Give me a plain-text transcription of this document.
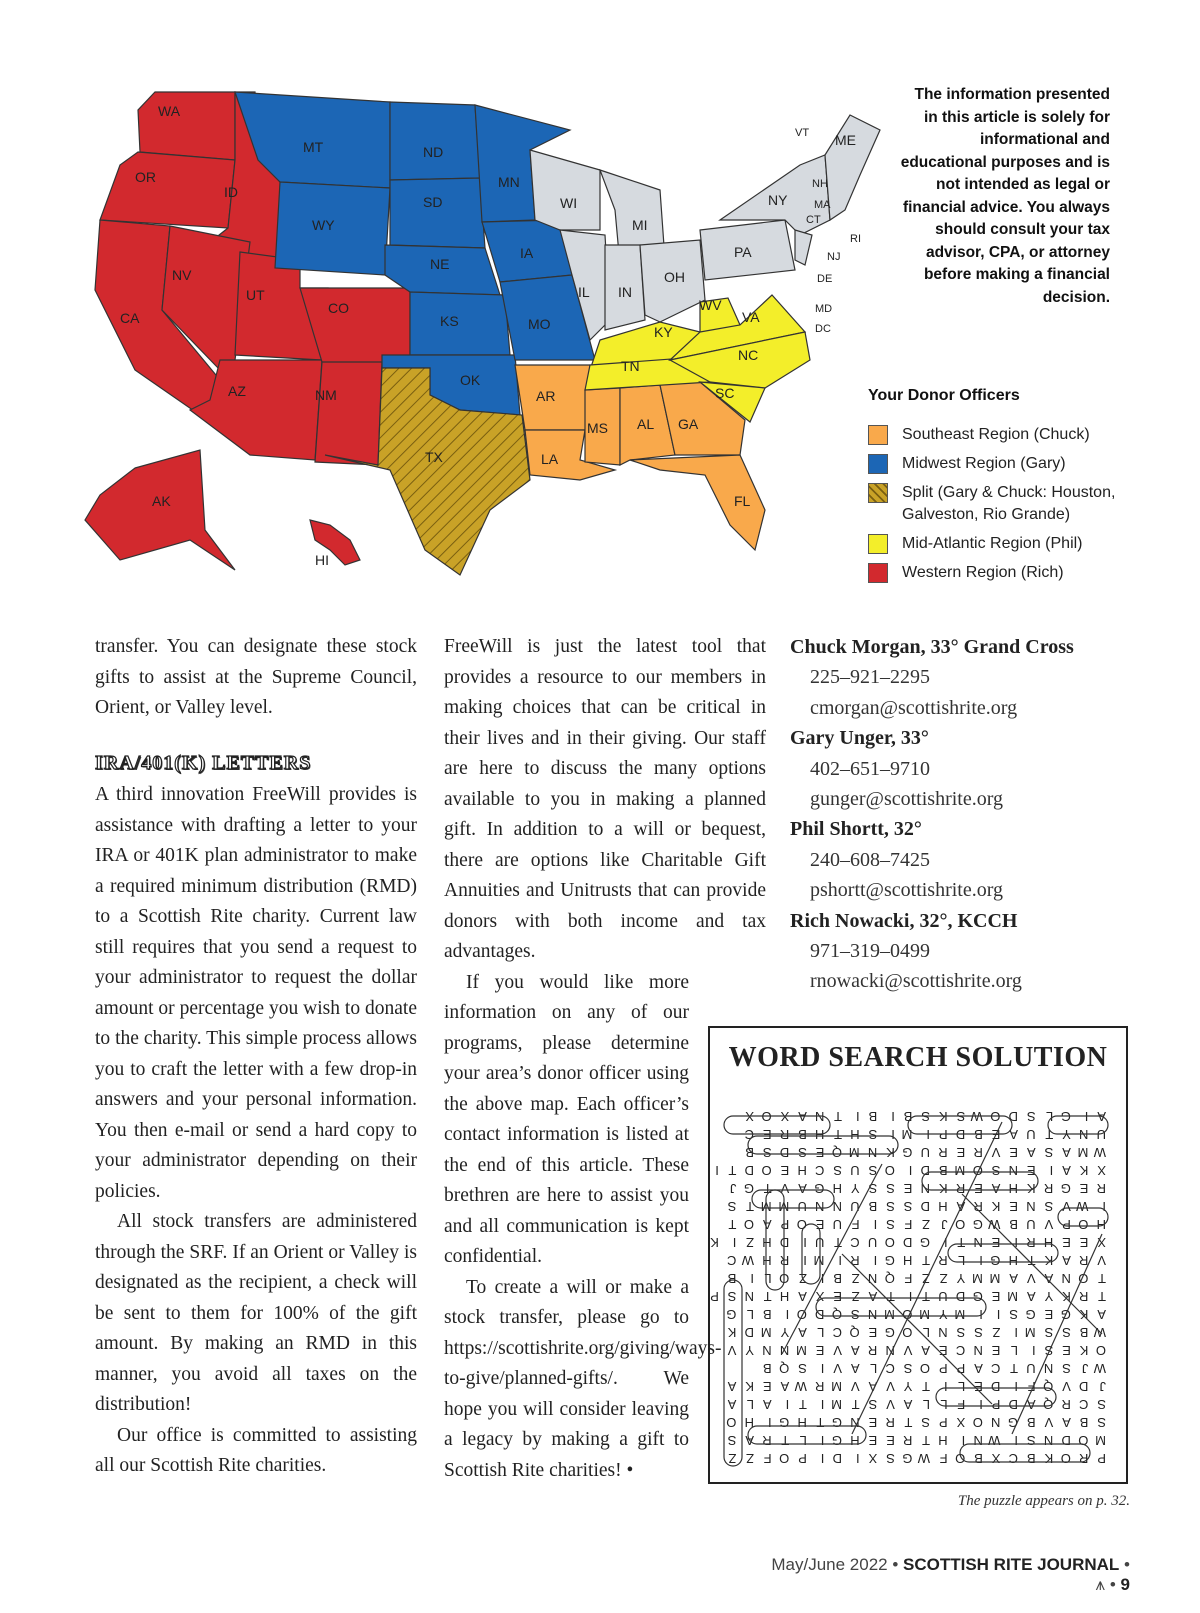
WA
OR
CA
ID
NV
UT
AZ
CO
NM
AK
HI
MT
WY
ND
SD
NE
KS
OK
MN
IA
MO
TX
AR
LA
MS AL GA
FL
KY
TN
WV
VA
NC
SC
WI
MI
IL IN
OH
PA
NY
ME
VT
NH
MA
CT
RI
NJ
DE
MD
DC
The information presented in this article is solely for informational and educational purposes and is not intended as legal or financial advice. You always should consult your tax advisor, CPA, or attorney before making a financial decision.
Your Donor Officers
Southeast Region (Chuck)
Midwest Region (Gary)
Split (Gary & Chuck: Houston, Galveston, Rio Grande)
Mid-Atlantic Region (Phil)
Western Region (Rich)

transfer. You can designate these stock gifts to assist at the Supreme Council, Orient, or Valley level.

IRA/401(K) LETTERS

A third innovation FreeWill provides is assistance with drafting a letter to your IRA or 401K plan administrator to make a required minimum distribution (RMD) to a Scottish Rite charity. Current law still requires that you send a request to your administrator to request the dollar amount or percentage you wish to donate to the charity. This simple process allows you to craft the letter with a few drop-in answers and your personal information. You then e-mail or send a hard copy to your administrator depending on their policies.

All stock transfers are administered through the SRF. If an Orient or Valley is designated as the recipient, a check will be sent to them for 100% of the gift amount. By making an RMD in this manner, you avoid all taxes on the distribution!

Our office is committed to assisting all our Scottish Rite charities.

FreeWill is just the latest tool that provides a resource to our members in making choices that can be critical in their lives and in their giving. Our staff are here to discuss the many options available to you in making a planned gift. In addition to a will or bequest, there are options like Charitable Gift Annuities and Unitrusts that can provide donors with both income and tax advantages.

If you would like more information on any of our programs, please determine your area’s donor officer using the above map. Each officer’s contact information is listed at the end of this article. These brethren are here to assist you and all communication is kept confidential.

To create a will or make a stock transfer, please go to https://scottishrite.org/giving/ways-to-give/planned-gifts/. We hope you will consider leaving a legacy by making a gift to Scottish Rite charities! •

Chuck Morgan, 33° Grand Cross
225–921–2295
cmorgan@scottishrite.org
Gary Unger, 33°
402–651–9710
gunger@scottishrite.org
Phil Shortt, 32°
240–608–7425
pshortt@scottishrite.org
Rich Nowacki, 32°, KCCH
971–319–0499
rnowacki@scottishrite.org
WORD SEARCH SOLUTION
P
R
O
K
B
C
X
B
O
F
W
G
S
X
I
D
I
P
O
F
Z
Z
M
O
D
N
S
I
W
N
I
H
T
R
E
E
H
G
I
L
T
R
A
S
S
B
A
V
B
G
N
O
X
P
S
T
R
E
N
G
T
H
G
I
H
O
S
C
R
Q
A
D
P
I
F
L
L
A
V
S
T
M
I
T
I
A
L
A
J
D
V
Q
F
I
D
E
L
I
T
Y
V
A
V
M
R
W
A
E
K
A
W
J
S
N
U
T
C
A
P
P
O
S
C
L
A
V
I
S
Q
B
O
K
E
S
I
L
E
N
C
E
A
V
N
R
A
V
E
M
N
N
Y
V
W
B
S
S
M
I
Z
S
S
N
L
O
G
E
Q
C
L
A
Y
M
D
K
A
K
G
E
G
S
I
I
M
Y
M
O
M
N
S
Q
D
O
I
B
L
G
T
R
K
Y
A
M
E
G
D
U
T
I
T
A
Z
E
X
A
H
T
N
S
P
T
O
N
A
V
A
M
M
Y
Z
Z
F
Q
N
Z
B
I
Z
O
L
I
B
V
R
A
K
T
H
G
I
L
R
T
H
G
I
R
I
M
I
R
H
W
C
X
E
E
H
R
I
E
N
T
I
G
D
O
U
C
T
U
I
D
H
Z
I
K
H
O
P
V
U
B
W
G
O
J
Z
F
S
I
F
U
E
O
P
A
O
T
I
W
V
S
N
E
K
R
A
H
D
S
S
B
U
N
N
U
M
M
T
S
R
E
G
R
K
H
A
E
R
K
N
E
S
S
Y
H
G
A
V
T
G
J
X
K
A
I
E
N
S
O
M
B
D
I
O
S
U
S
C
H
E
O
D
T
I
W
M
A
S
A
E
V
R
E
R
U
G
K
N
M
Q
E
S
D
S
B
U
N
Y
T
U
A
E
B
D
P
I
M
I
S
H
T
H
B
R
E
C
A
I
G
L
S
D
O
W
S
K
S
B
I
B
I
T
N
A
X
O
X
The puzzle appears on p. 32.
May/June 2022 • SCOTTISH RITE JOURNAL • ⩚ • 9
